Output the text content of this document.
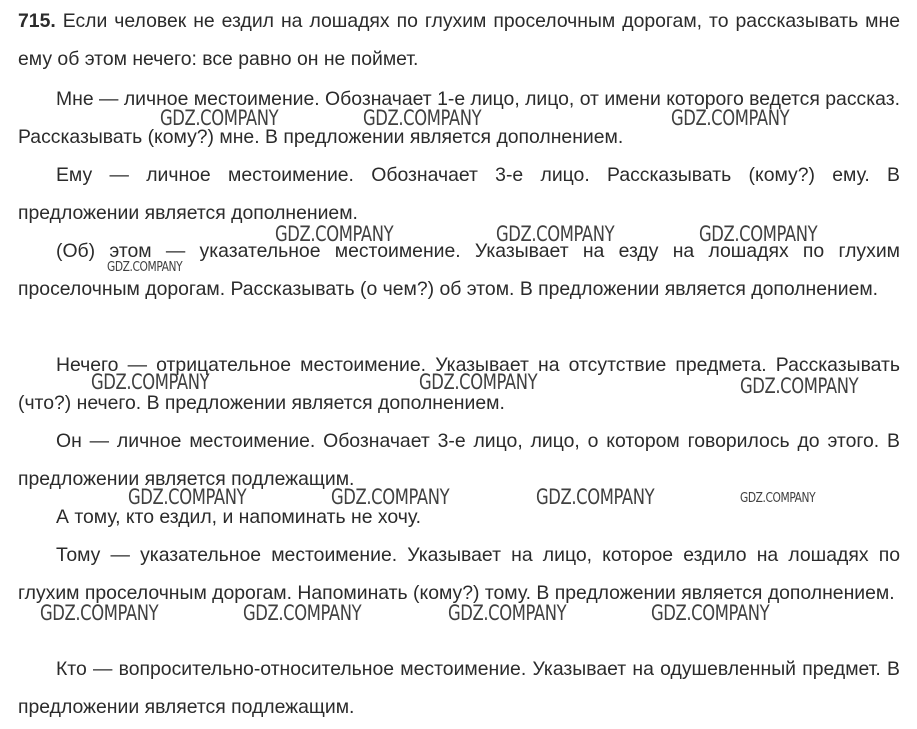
715. Если человек не ездил на лошадях по глухим проселочным дорогам, то рассказывать мне ему об этом нечего: все равно он не поймет.

Мне — личное местоимение. Обозначает 1-е лицо, лицо, от имени которого ведется рассказ. Рассказывать (кому?) мне. В предложении является дополнением.

Ему — личное местоимение. Обозначает 3-е лицо. Рассказывать (кому?) ему. В предложении является дополнением.

(Об) этом — указательное местоимение. Указывает на езду на лошадях по глухим проселочным дорогам. Рассказывать (о чем?) об этом. В предложении является дополнением.

Нечего — отрицательное местоимение. Указывает на отсутствие предмета. Рассказывать (что?) нечего. В предложении является дополнением.

Он — личное местоимение. Обозначает 3-е лицо, лицо, о котором говорилось до этого. В предложении является подлежащим.

А тому, кто ездил, и напоминать не хочу.

Тому — указательное местоимение. Указывает на лицо, которое ездило на лошадях по глухим проселочным дорогам. Напоминать (кому?) тому. В предложении является дополнением.

Кто — вопросительно-относительное местоимение. Указывает на одушевленный предмет. В предложении является подлежащим.

GDZ.COMPANY	GDZ.COMPANY	GDZ.COMPANY
GDZ.COMPANY	GDZ.COMPANY	GDZ.COMPANY
GDZ.COMPANY
GDZ.COMPANY	GDZ.COMPANY	GDZ.COMPANY
GDZ.COMPANY	GDZ.COMPANY	GDZ.COMPANY	GDZ.COMPANY
GDZ.COMPANY	GDZ.COMPANY	GDZ.COMPANY	GDZ.COMPANY
